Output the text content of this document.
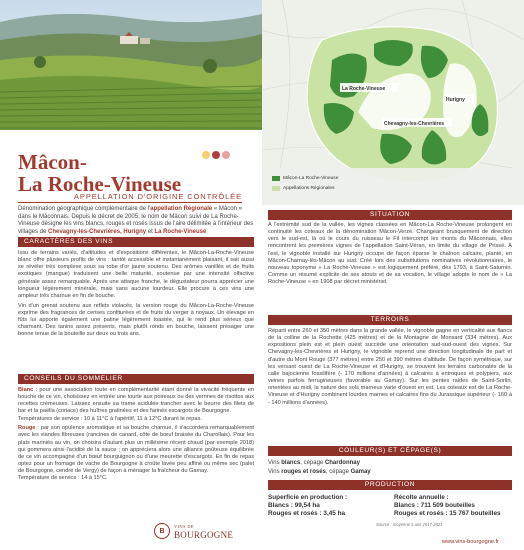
La Roche-Vineuse
Hurigny
Chevagny-les-Chevrières
Mâcon-La Roche-Vineuse
Appellations Régionales
Mâcon-
La Roche-Vineuse
APPELLATION D'ORIGINE CONTRÔLÉE
Dénomination géographique complémentaire de l'appellation Régionale « Mâcon » dans le Mâconnais. Depuis le décret de 2005, le nom de Mâcon suivi de La Roche-Vineuse désigne les vins blancs, rouges et rosés issus de l'aire délimitée à l'intérieur des villages de Chevagny-les-Chevrières, Hurigny et La Roche-Vineuse
CARACTÈRES DES VINS

Issu de terrains variés, d'altitudes et d'expositions différentes, le Mâcon-La-Roche-Vineuse blanc offre plusieurs profils de vins : tantôt accessible et instantanément plaisant, il sait aussi se révéler très complexe sous sa robe d'or jaune soutenu. Des arômes vanillés et de fruits exotiques (mangue) traduisent une belle maturité, soutenue par une intensité olfactive générale assez remarquable. Après une attaque franche, le dégustateur pourra apprécier une longueur légèrement minérale, mais sans aucune lourdeur. Elle procure à ces vins une ampleur très charnue en fin de bouche.

Vin d'un grenat soutenu aux reflets violacés, la version rouge du Mâcon-La-Roche-Vineuse exprime des fragrances de cerises confiturées et de fruits du verger à noyaux. Un élevage en fûts lui apporte également une patine légèrement toastée, qui le rend plus sérieux que charmant. Des tanins assez présents, mais plutôt ronds en bouche, laissent présager une bonne tenue de la bouteille sur deux ou trois ans.

CONSEILS DU SOMMELIER

Blanc : pour une association toute en complémentarité étant donné la vivacité fréquente en bouche de ce vin, choisissez en entrée une tourte aux poireaux ou des verrines de risottos aux recettes crémeuses. Laissez ensuite sa trame acidulée trancher avec le beurre des filets de bar et la paëlla (coriace) des huîtres gratinées et des farinés escargots de Bourgogne.
Températures de service : 10 à 11°C à l'apéritif, 11 à 12°C durant le repas.

Rouge : par son opulence aromatique et sa bouche charnue, il s'accordera remarquablement avec les viandes fibreuses (rancines de canard, côte de bœuf braisée du Charollais). Pour les plats mariniés au vin, on choisira d'autant plus un millésime récent chaud (par exemple 2018) qui gommera ainsi l'acidité de la sauce ; on appréciera alors une alliance goûteuse équilibrée de ce vin accompagné d'un bœuf bourguignon ou d'une meurette d'escargots. En fin de repas optez pour un fromage de vache de Bourgogne à croûte lavée peu affiné ou même sec (palet de Bourgogne, cendré de Vergy) de façon à ménager la fraîcheur du Gamay.
Température de service : 14 à 15°C.

B
VINS DE
BOURGOGNE
SITUATION
À l'extrémité sud de la vallée, les vignes classées en Mâcon-La Roche-Vineuse prolongent en continuité les coteaux de la dénomination Mâcon-Verzé. Changeant brusquement de direction vers le sud-est, là où le cours du ruisseau le Fil intercompt les monts du Mâconnais, elles rencontrent les premières vignes de l'appellation Saint-Véran, en limite du village de Prissé. À l'est, le vignoble installé sur Hurigny occupe de façon éparse le chaînon calcaire, planté, en Mâcon-Charnay-lès-Mâcon au sud. Créé lors des substitutions nominatives révolutionnaires, le nouveau toponyme « La Roche-Vineuse » est logiquement préféré, dès 1793, à Saint-Saturnin. Comme un résumé explicite de ses atouts et de sa vocation, le village adopte le nom de « La Roche-Vineuse » en 1908 par décret ministériel.
TERROIRS
Réparti entre 260 et 350 mètres dans la grande vallée, le vignoble gagne en verticalité aux flancs de la colline de la Rochette (425 mètres) et de la Montagne de Monsard (334 mètres). Aux expositions plein est et plein ouest succède une orientation sud-sud-ouest des vignes. Sur Chevagny-les-Chevrières et Hurigny, le vignoble reprend une direction longitudinale de part et d'autre du Mont Rouge (377 mètres) entre 250 et 390 mètres d'altitude. De façon symétrique, sur les versant ouest de La Roche-Vineuse et d'Hurigny, se trouvent les terrains carbonatés de la calle bajocienne fossilifère (- 170 millions d'années) à calcaires à entroques et polypiers, aux veines parfois ferrugineuses (favorable au Gamay). Sur les pentes raides de Saint-Sorlin, orientées au midi, la nature des sols marneux varie d'ouest en est. Les coteaux est de La Roche-Vineuse et d'Hurigny combinent lourdes marnes et calcaires fins du Jurassique supérieur (- 160 à - 140 millions d'années).
COULEUR(S) ET CÉPAGE(S)
Vins blancs, cépage Chardonnay
Vins rouges et rosés, cépage Gamay
PRODUCTION
Superficie en production :
Blancs : 99,54 ha
Rouges et rosés : 3,45 ha
Récolte annuelle :
Blancs : 711 509 bouteilles
Rouges et rosés : 15 767 bouteilles
Source : moyenne 5 ans 2017-2021
www.vins-bourgogne.fr
